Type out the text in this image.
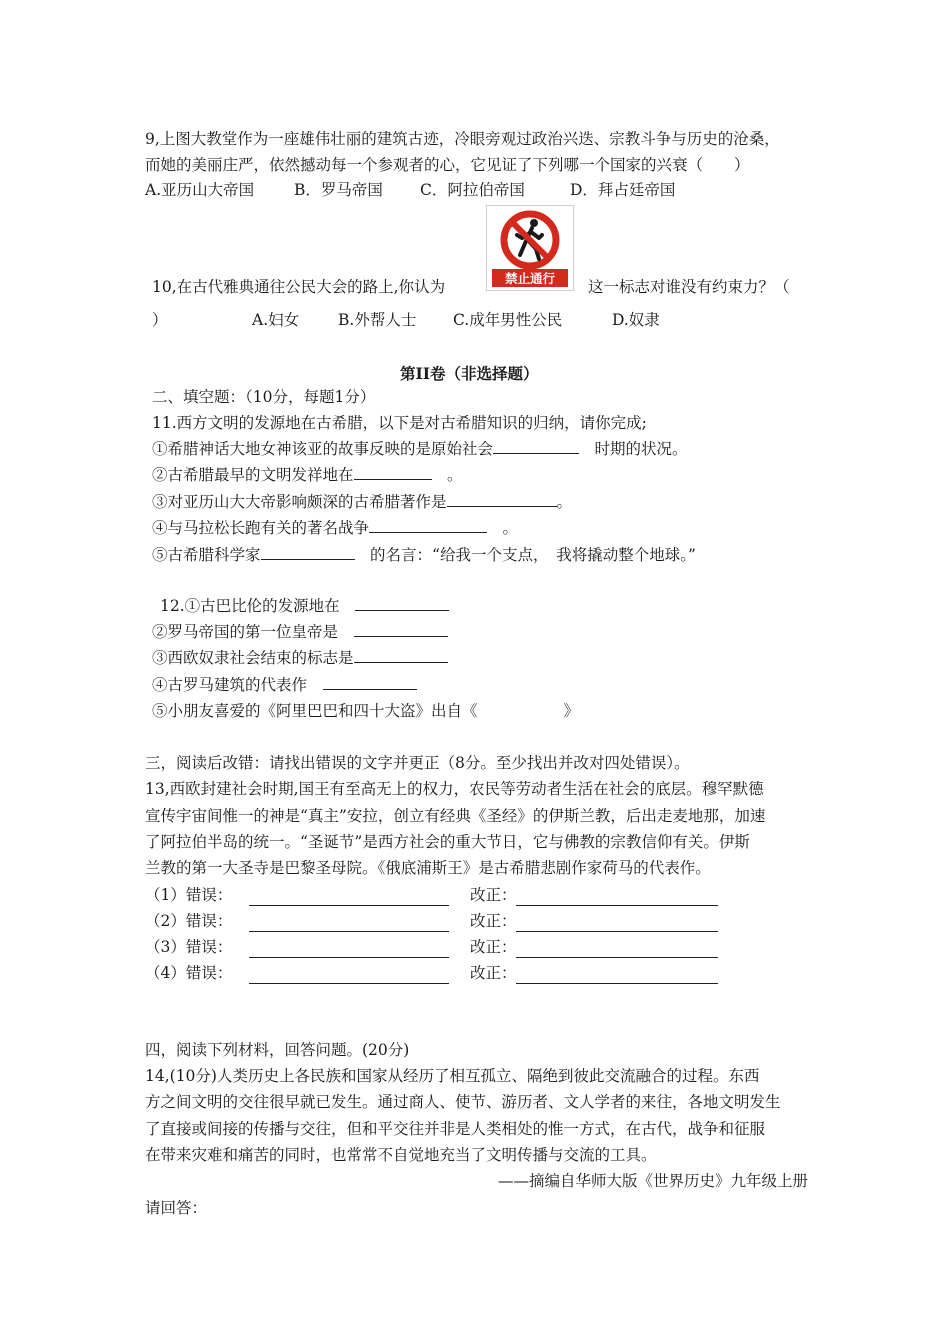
9,上图大教堂作为一座雄伟壮丽的建筑古迹，冷眼旁观过政治兴迭、宗教斗争与历史的沧桑，
而她的美丽庄严，依然撼动每一个参观者的心，它见证了下列哪一个国家的兴衰（　　）
A.亚历山大帝国	B．罗马帝国 C．阿拉伯帝国	D．拜占廷帝国
10,在古代雅典通往公民大会的路上,你认为	禁止通行 这一标志对谁没有约束力？（
）	A.妇女	B.外帮人士 C.成年男性公民	D.奴隶
第II卷（非选择题）
二、填空题：（10分，每题1分）
11.西方文明的发源地在古希腊，以下是对古希腊知识的归纳，请你完成;
①希腊神话大地女神该亚的故事反映的是原始社会　	时期的状况。
②古希腊最早的文明发祥地在　	。
③对亚历山大大帝影响颇深的古希腊著作是	。
④与马拉松长跑有关的著名战争　	。
⑤古希腊科学家　	的名言：“给我一个支点，　我将撬动整个地球。”
12.①古巴比伦的发源地在　
②罗马帝国的第一位皇帝是　
③西欧奴隶社会结束的标志是
④古罗马建筑的代表作　
⑤小朋友喜爱的《阿里巴巴和四十大盗》出自《	》
三，阅读后改错：请找出错误的文字并更正（8分。至少找出并改对四处错误）。
13,西欧封建社会时期,国王有至高无上的权力，农民等劳动者生活在社会的底层。穆罕默德
宣传宇宙间惟一的神是“真主”安拉，创立有经典《圣经》的伊斯兰教，后出走麦地那，加速
了阿拉伯半岛的统一。“圣诞节”是西方社会的重大节日，它与佛教的宗教信仰有关。伊斯
兰教的第一大圣寺是巴黎圣母院。《俄底浦斯王》是古希腊悲剧作家荷马的代表作。
（1）错误：	改正：
（2）错误：	改正：
（3）错误：	改正：
（4）错误：	改正：
四，阅读下列材料，回答问题。(20分)
14,(10分)人类历史上各民族和国家从经历了相互孤立、隔绝到彼此交流融合的过程。东西
方之间文明的交往很早就已发生。通过商人、使节、游历者、文人学者的来往，各地文明发生
了直接或间接的传播与交往，但和平交往并非是人类相处的惟一方式，在古代，战争和征服
在带来灾难和痛苦的同时，也常常不自觉地充当了文明传播与交流的工具。
——摘编自华师大版《世界历史》九年级上册
请回答：
